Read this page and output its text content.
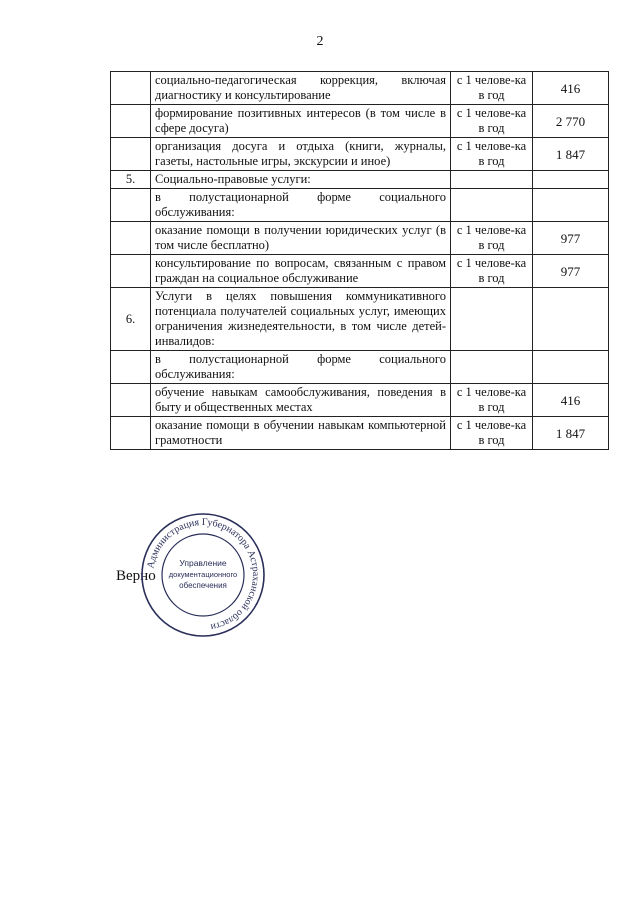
2
	социально-педагогическая коррекция, включая диагностику и консультирование	с 1 челове-ка в год	416
	формирование позитивных интересов (в том числе в сфере досуга)	с 1 челове-ка в год	2 770
	организация досуга и отдыха (книги, журналы, газеты, настольные игры, экскурсии и иное)	с 1 челове-ка в год	1 847
5.	Социально-правовые услуги:		
	в полустационарной форме социального обслуживания:		
	оказание помощи в получении юридических услуг (в том числе бесплатно)	с 1 челове-ка в год	977
	консультирование по вопросам, связанным с правом граждан на социальное обслуживание	с 1 челове-ка в год	977
6.	Услуги в целях повышения коммуникативного потенциала получателей социальных услуг, имеющих ограничения жизнедеятельности, в том числе детей-инвалидов:		
	в полустационарной форме социального обслуживания:		
	обучение навыкам самообслуживания, поведения в быту и общественных местах	с 1 челове-ка в год	416
	оказание помощи в обучении навыкам компьютерной грамотности	с 1 челове-ка в год	1 847
Верно
Администрация Губернатора Астраханской области
Управление
документационного
обеспечения
